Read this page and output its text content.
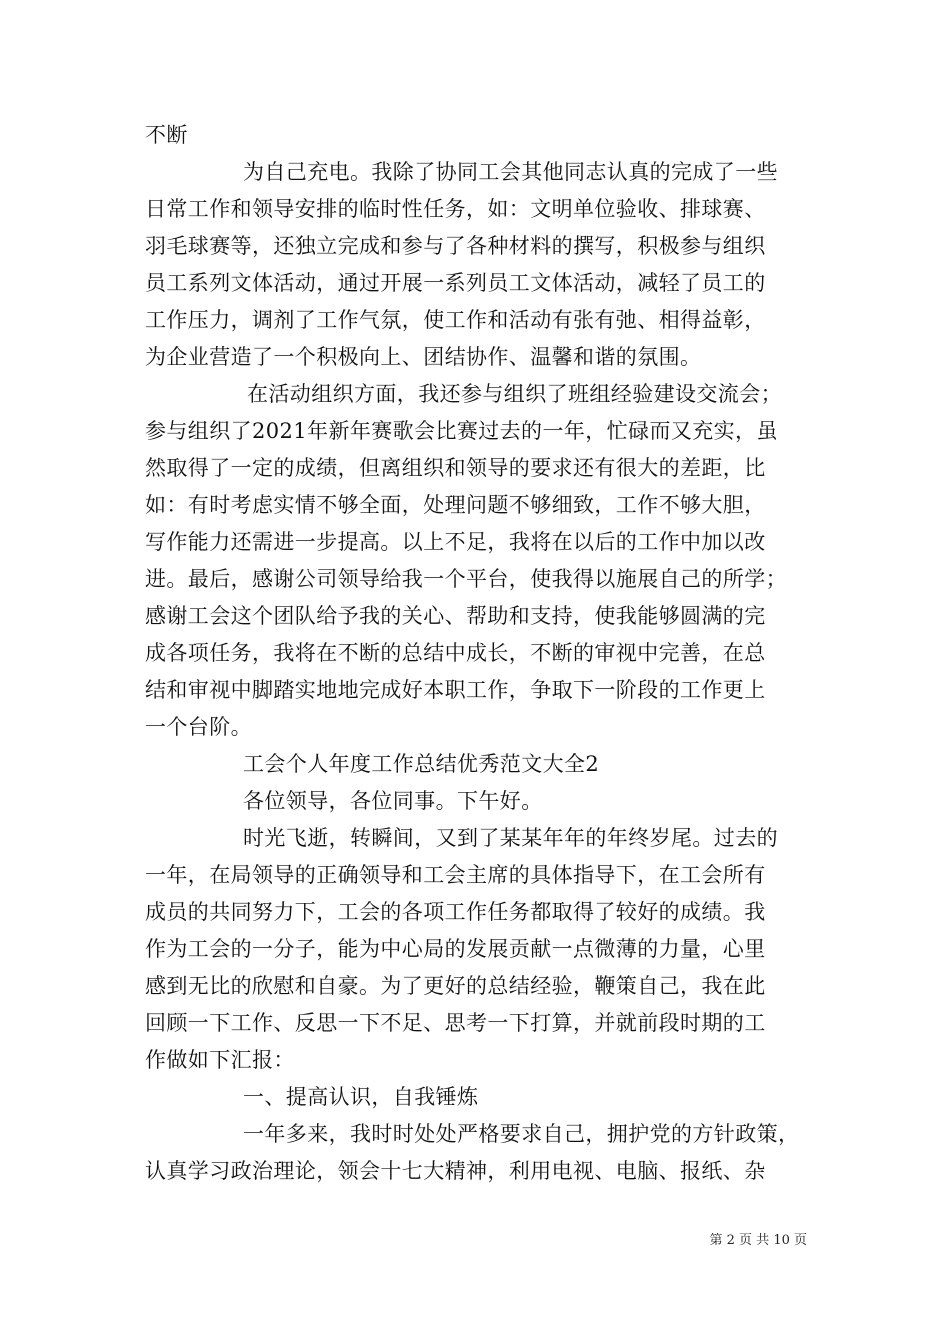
不断
为自己充电。我除了协同工会其他同志认真的完成了一些
日常工作和领导安排的临时性任务，如：文明单位验收、排球赛、
羽毛球赛等，还独立完成和参与了各种材料的撰写，积极参与组织
员工系列文体活动，通过开展一系列员工文体活动，减轻了员工的
工作压力，调剂了工作气氛，使工作和活动有张有弛、相得益彰，
为企业营造了一个积极向上、团结协作、温馨和谐的氛围。
在活动组织方面，我还参与组织了班组经验建设交流会；
参与组织了2021年新年赛歌会比赛过去的一年，忙碌而又充实，虽
然取得了一定的成绩，但离组织和领导的要求还有很大的差距，比
如：有时考虑实情不够全面，处理问题不够细致，工作不够大胆，
写作能力还需进一步提高。以上不足，我将在以后的工作中加以改
进。最后，感谢公司领导给我一个平台，使我得以施展自己的所学；
感谢工会这个团队给予我的关心、帮助和支持，使我能够圆满的完
成各项任务，我将在不断的总结中成长，不断的审视中完善，在总
结和审视中脚踏实地地完成好本职工作，争取下一阶段的工作更上
一个台阶。
工会个人年度工作总结优秀范文大全2
各位领导，各位同事。下午好。
时光飞逝，转瞬间，又到了某某年年的年终岁尾。过去的
一年，在局领导的正确领导和工会主席的具体指导下，在工会所有
成员的共同努力下，工会的各项工作任务都取得了较好的成绩。我
作为工会的一分子，能为中心局的发展贡献一点微薄的力量，心里
感到无比的欣慰和自豪。为了更好的总结经验，鞭策自己，我在此
回顾一下工作、反思一下不足、思考一下打算，并就前段时期的工
作做如下汇报：
一、提高认识，自我锤炼
一年多来，我时时处处严格要求自己，拥护党的方针政策，
认真学习政治理论，领会十七大精神，利用电视、电脑、报纸、杂
第 2 页 共 10 页
